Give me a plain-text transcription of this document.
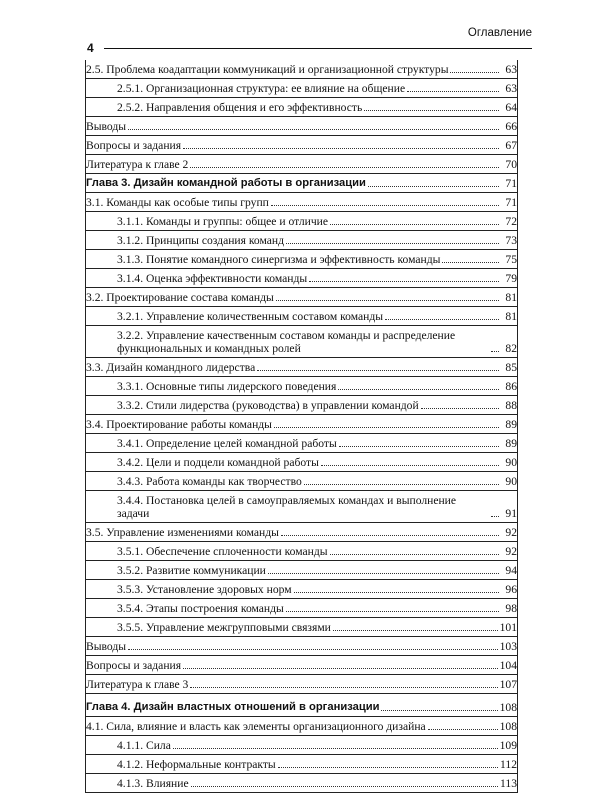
Оглавление
4
2.5. Проблема коадаптации коммуникаций и организационной структуры	63
2.5.1. Организационная структура: ее влияние на общение	63
2.5.2. Направления общения и его эффективность	64
Выводы	66
Вопросы и задания	67
Литература к главе 2	70
Глава 3. Дизайн командной работы в организации	71
3.1. Команды как особые типы групп	71
3.1.1. Команды и группы: общее и отличие	72
3.1.2. Принципы создания команд	73
3.1.3. Понятие командного синергизма и эффективность команды	75
3.1.4. Оценка эффективности команды	79
3.2. Проектирование состава команды	81
3.2.1. Управление количественным составом команды	81
3.2.2. Управление качественным составом команды и распределение функциональных и командных ролей	82
3.3. Дизайн командного лидерства	85
3.3.1. Основные типы лидерского поведения	86
3.3.2. Стили лидерства (руководства) в управлении командой	88
3.4. Проектирование работы команды	89
3.4.1. Определение целей командной работы	89
3.4.2. Цели и подцели командной работы	90
3.4.3. Работа команды как творчество	90
3.4.4. Постановка целей в самоуправляемых командах и выполнение задачи	91
3.5. Управление изменениями команды	92
3.5.1. Обеспечение сплоченности команды	92
3.5.2. Развитие коммуникации	94
3.5.3. Установление здоровых норм	96
3.5.4. Этапы построения команды	98
3.5.5. Управление межгрупповыми связями	101
Выводы	103
Вопросы и задания	104
Литература к главе 3	107
Глава 4. Дизайн властных отношений в организации	108
4.1. Сила, влияние и власть как элементы организационного дизайна	108
4.1.1. Сила	109
4.1.2. Неформальные контракты	112
4.1.3. Влияние	113
